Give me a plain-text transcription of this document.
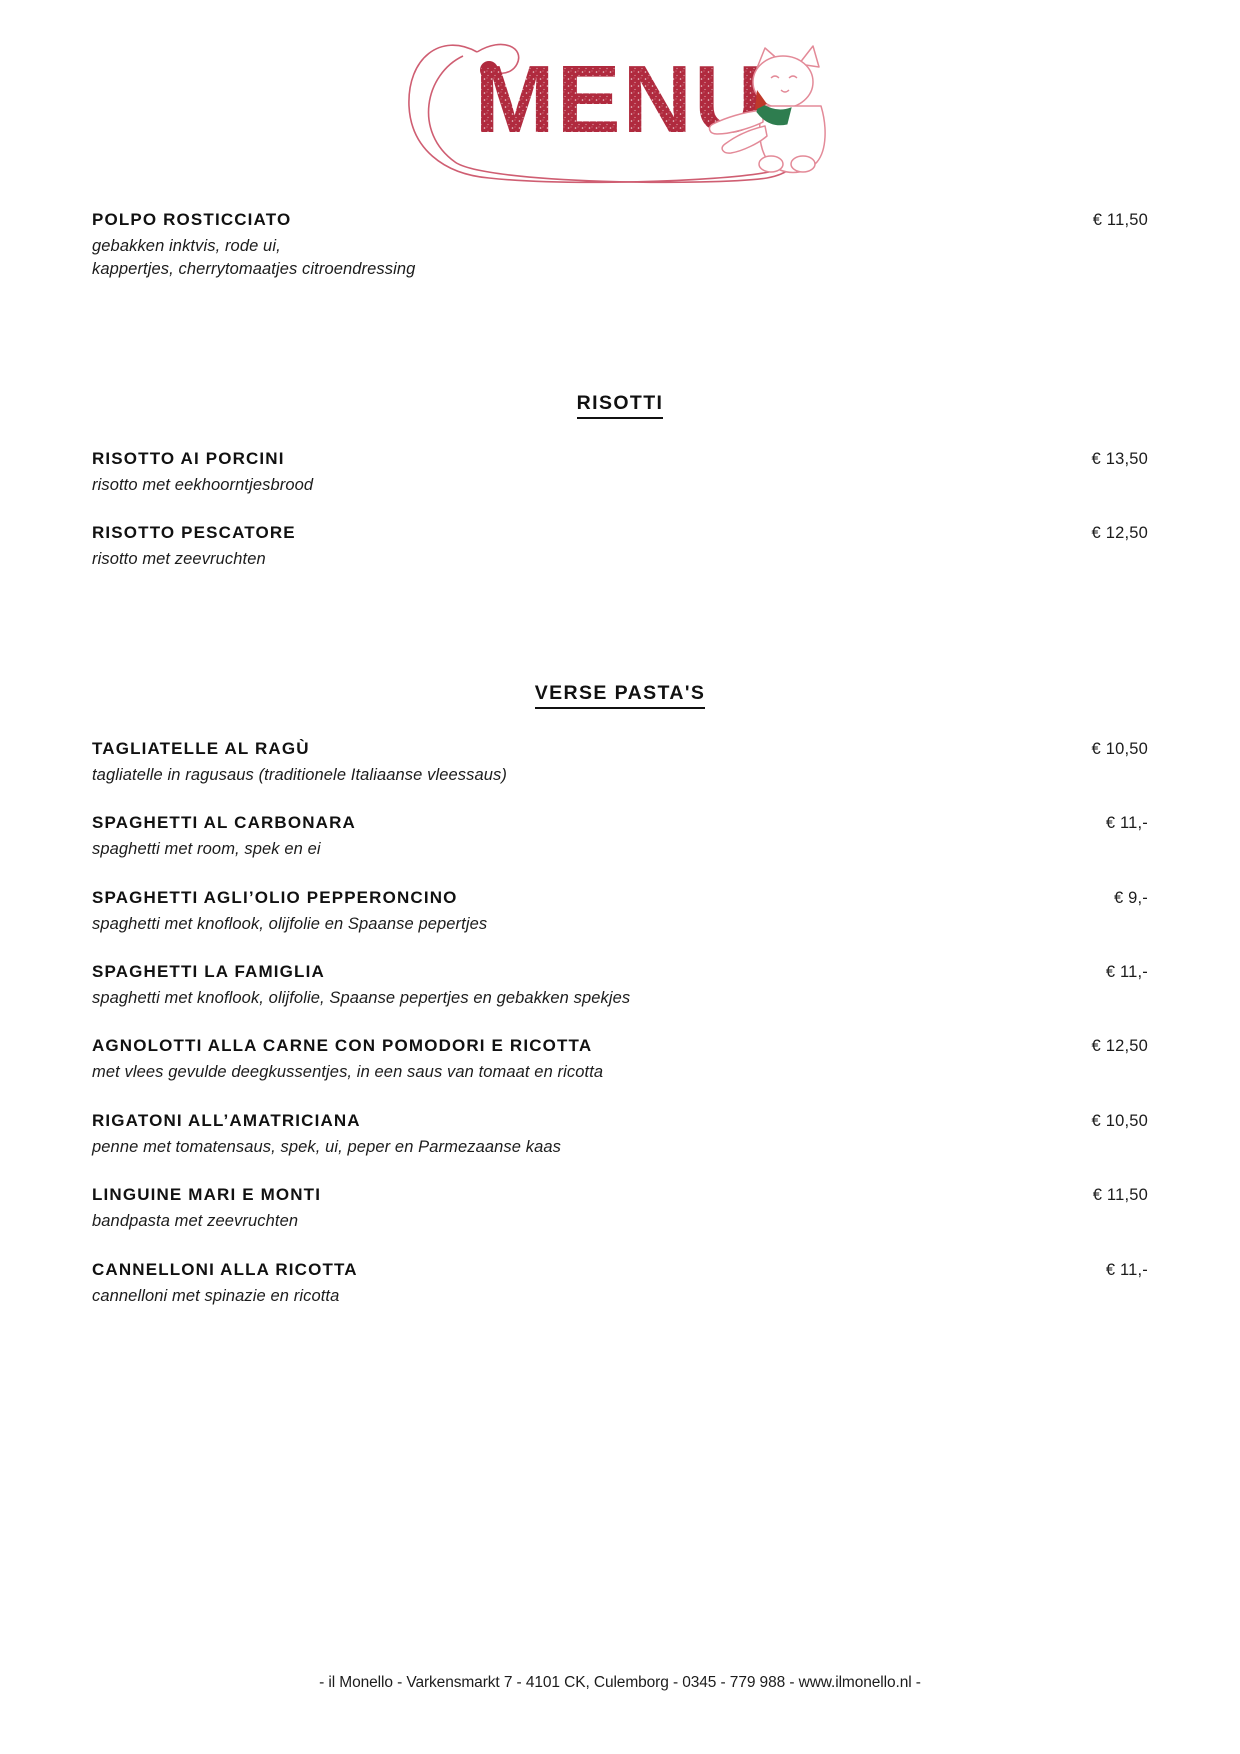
POLPO ROSTICCIATO	€ 11,50
gebakken inktvis, rode ui,
kappertjes, cherrytomaatjes citroendressing
RISOTTI
RISOTTO AI PORCINI	€ 13,50
risotto met eekhoorntjesbrood
RISOTTO PESCATORE	€ 12,50
risotto met zeevruchten
VERSE PASTA'S
TAGLIATELLE AL RAGÙ	€ 10,50
tagliatelle in ragusaus (traditionele Italiaanse vleessaus)
SPAGHETTI AL CARBONARA	€ 11,-
spaghetti met room, spek en ei
SPAGHETTI AGLI’OLIO PEPPERONCINO	€ 9,-
spaghetti met knoflook, olijfolie en Spaanse pepertjes
SPAGHETTI LA FAMIGLIA	€ 11,-
spaghetti met knoflook, olijfolie, Spaanse pepertjes en gebakken spekjes
AGNOLOTTI ALLA CARNE CON POMODORI E RICOTTA	€ 12,50
met vlees gevulde deegkussentjes, in een saus van tomaat en ricotta
RIGATONI ALL’AMATRICIANA	€ 10,50
penne met tomatensaus, spek, ui, peper en Parmezaanse kaas
LINGUINE MARI E MONTI	€ 11,50
bandpasta met zeevruchten
CANNELLONI ALLA RICOTTA	€ 11,-
cannelloni met spinazie en ricotta
- il Monello - Varkensmarkt 7 - 4101 CK, Culemborg - 0345 - 779 988 - www.ilmonello.nl -
